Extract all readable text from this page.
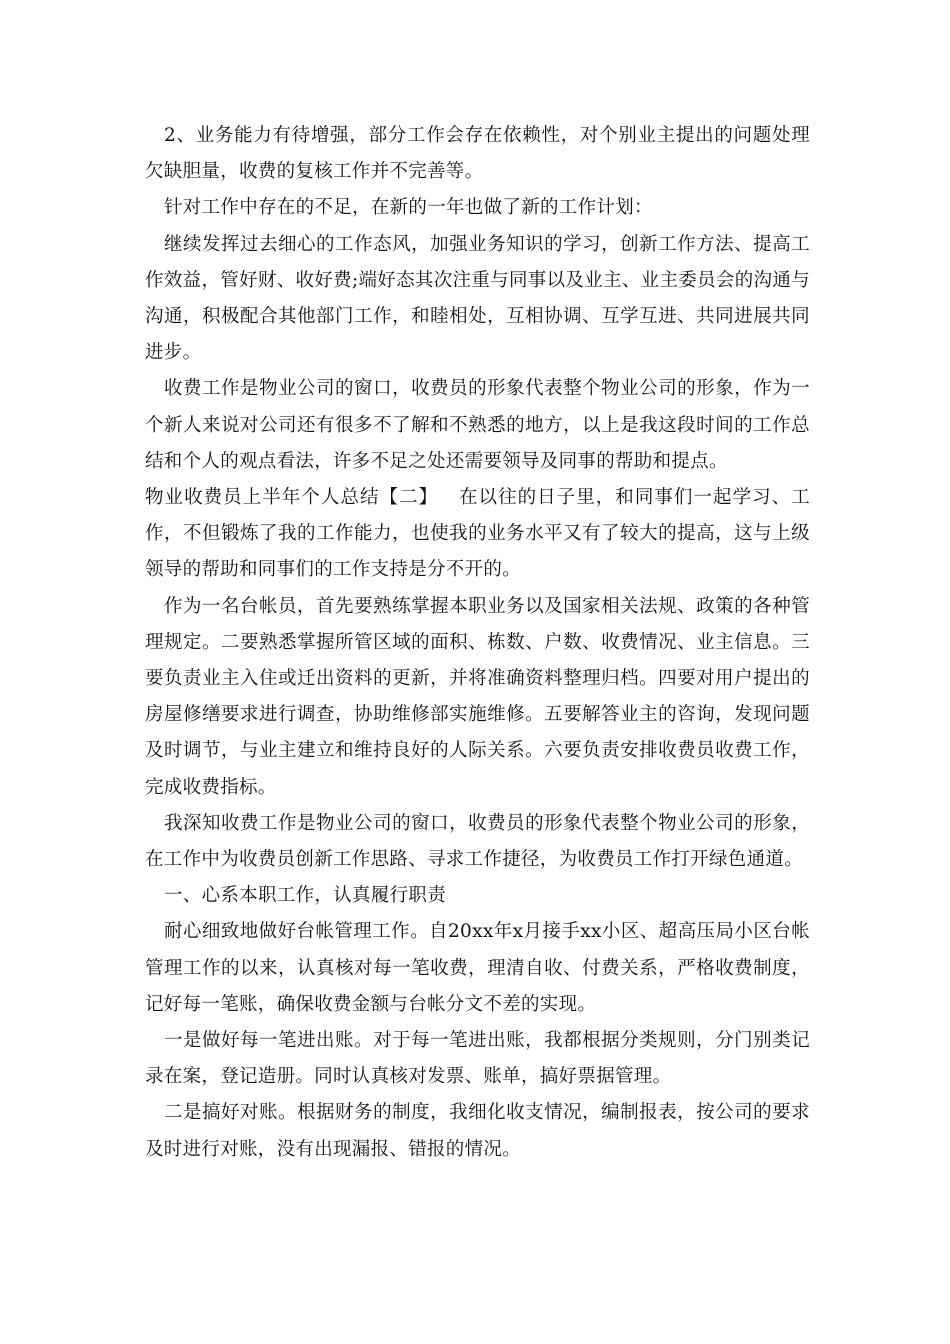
2、业务能力有待增强，部分工作会存在依赖性，对个别业主提出的问题处理欠缺胆量，收费的复核工作并不完善等。

针对工作中存在的不足，在新的一年也做了新的工作计划：

继续发挥过去细心的工作态风，加强业务知识的学习，创新工作方法、提高工作效益，管好财、收好费;端好态其次注重与同事以及业主、业主委员会的沟通与沟通，积极配合其他部门工作，和睦相处，互相协调、互学互进、共同进展共同进步。

收费工作是物业公司的窗口，收费员的形象代表整个物业公司的形象，作为一个新人来说对公司还有很多不了解和不熟悉的地方，以上是我这段时间的工作总结和个人的观点看法，许多不足之处还需要领导及同事的帮助和提点。

物业收费员上半年个人总结【二】 在以往的日子里，和同事们一起学习、工作，不但锻炼了我的工作能力，也使我的业务水平又有了较大的提高，这与上级领导的帮助和同事们的工作支持是分不开的。

作为一名台帐员，首先要熟练掌握本职业务以及国家相关法规、政策的各种管理规定。二要熟悉掌握所管区域的面积、栋数、户数、收费情况、业主信息。三要负责业主入住或迁出资料的更新，并将准确资料整理归档。四要对用户提出的房屋修缮要求进行调查，协助维修部实施维修。五要解答业主的咨询，发现问题及时调节，与业主建立和维持良好的人际关系。六要负责安排收费员收费工作，完成收费指标。

我深知收费工作是物业公司的窗口，收费员的形象代表整个物业公司的形象，在工作中为收费员创新工作思路、寻求工作捷径，为收费员工作打开绿色通道。

一、心系本职工作，认真履行职责

耐心细致地做好台帐管理工作。自20xx年x月接手xx小区、超高压局小区台帐管理工作的以来，认真核对每一笔收费，理清自收、付费关系，严格收费制度，记好每一笔账，确保收费金额与台帐分文不差的实现。

一是做好每一笔进出账。对于每一笔进出账，我都根据分类规则，分门别类记录在案，登记造册。同时认真核对发票、账单，搞好票据管理。

二是搞好对账。根据财务的制度，我细化收支情况，编制报表，按公司的要求及时进行对账，没有出现漏报、错报的情况。
